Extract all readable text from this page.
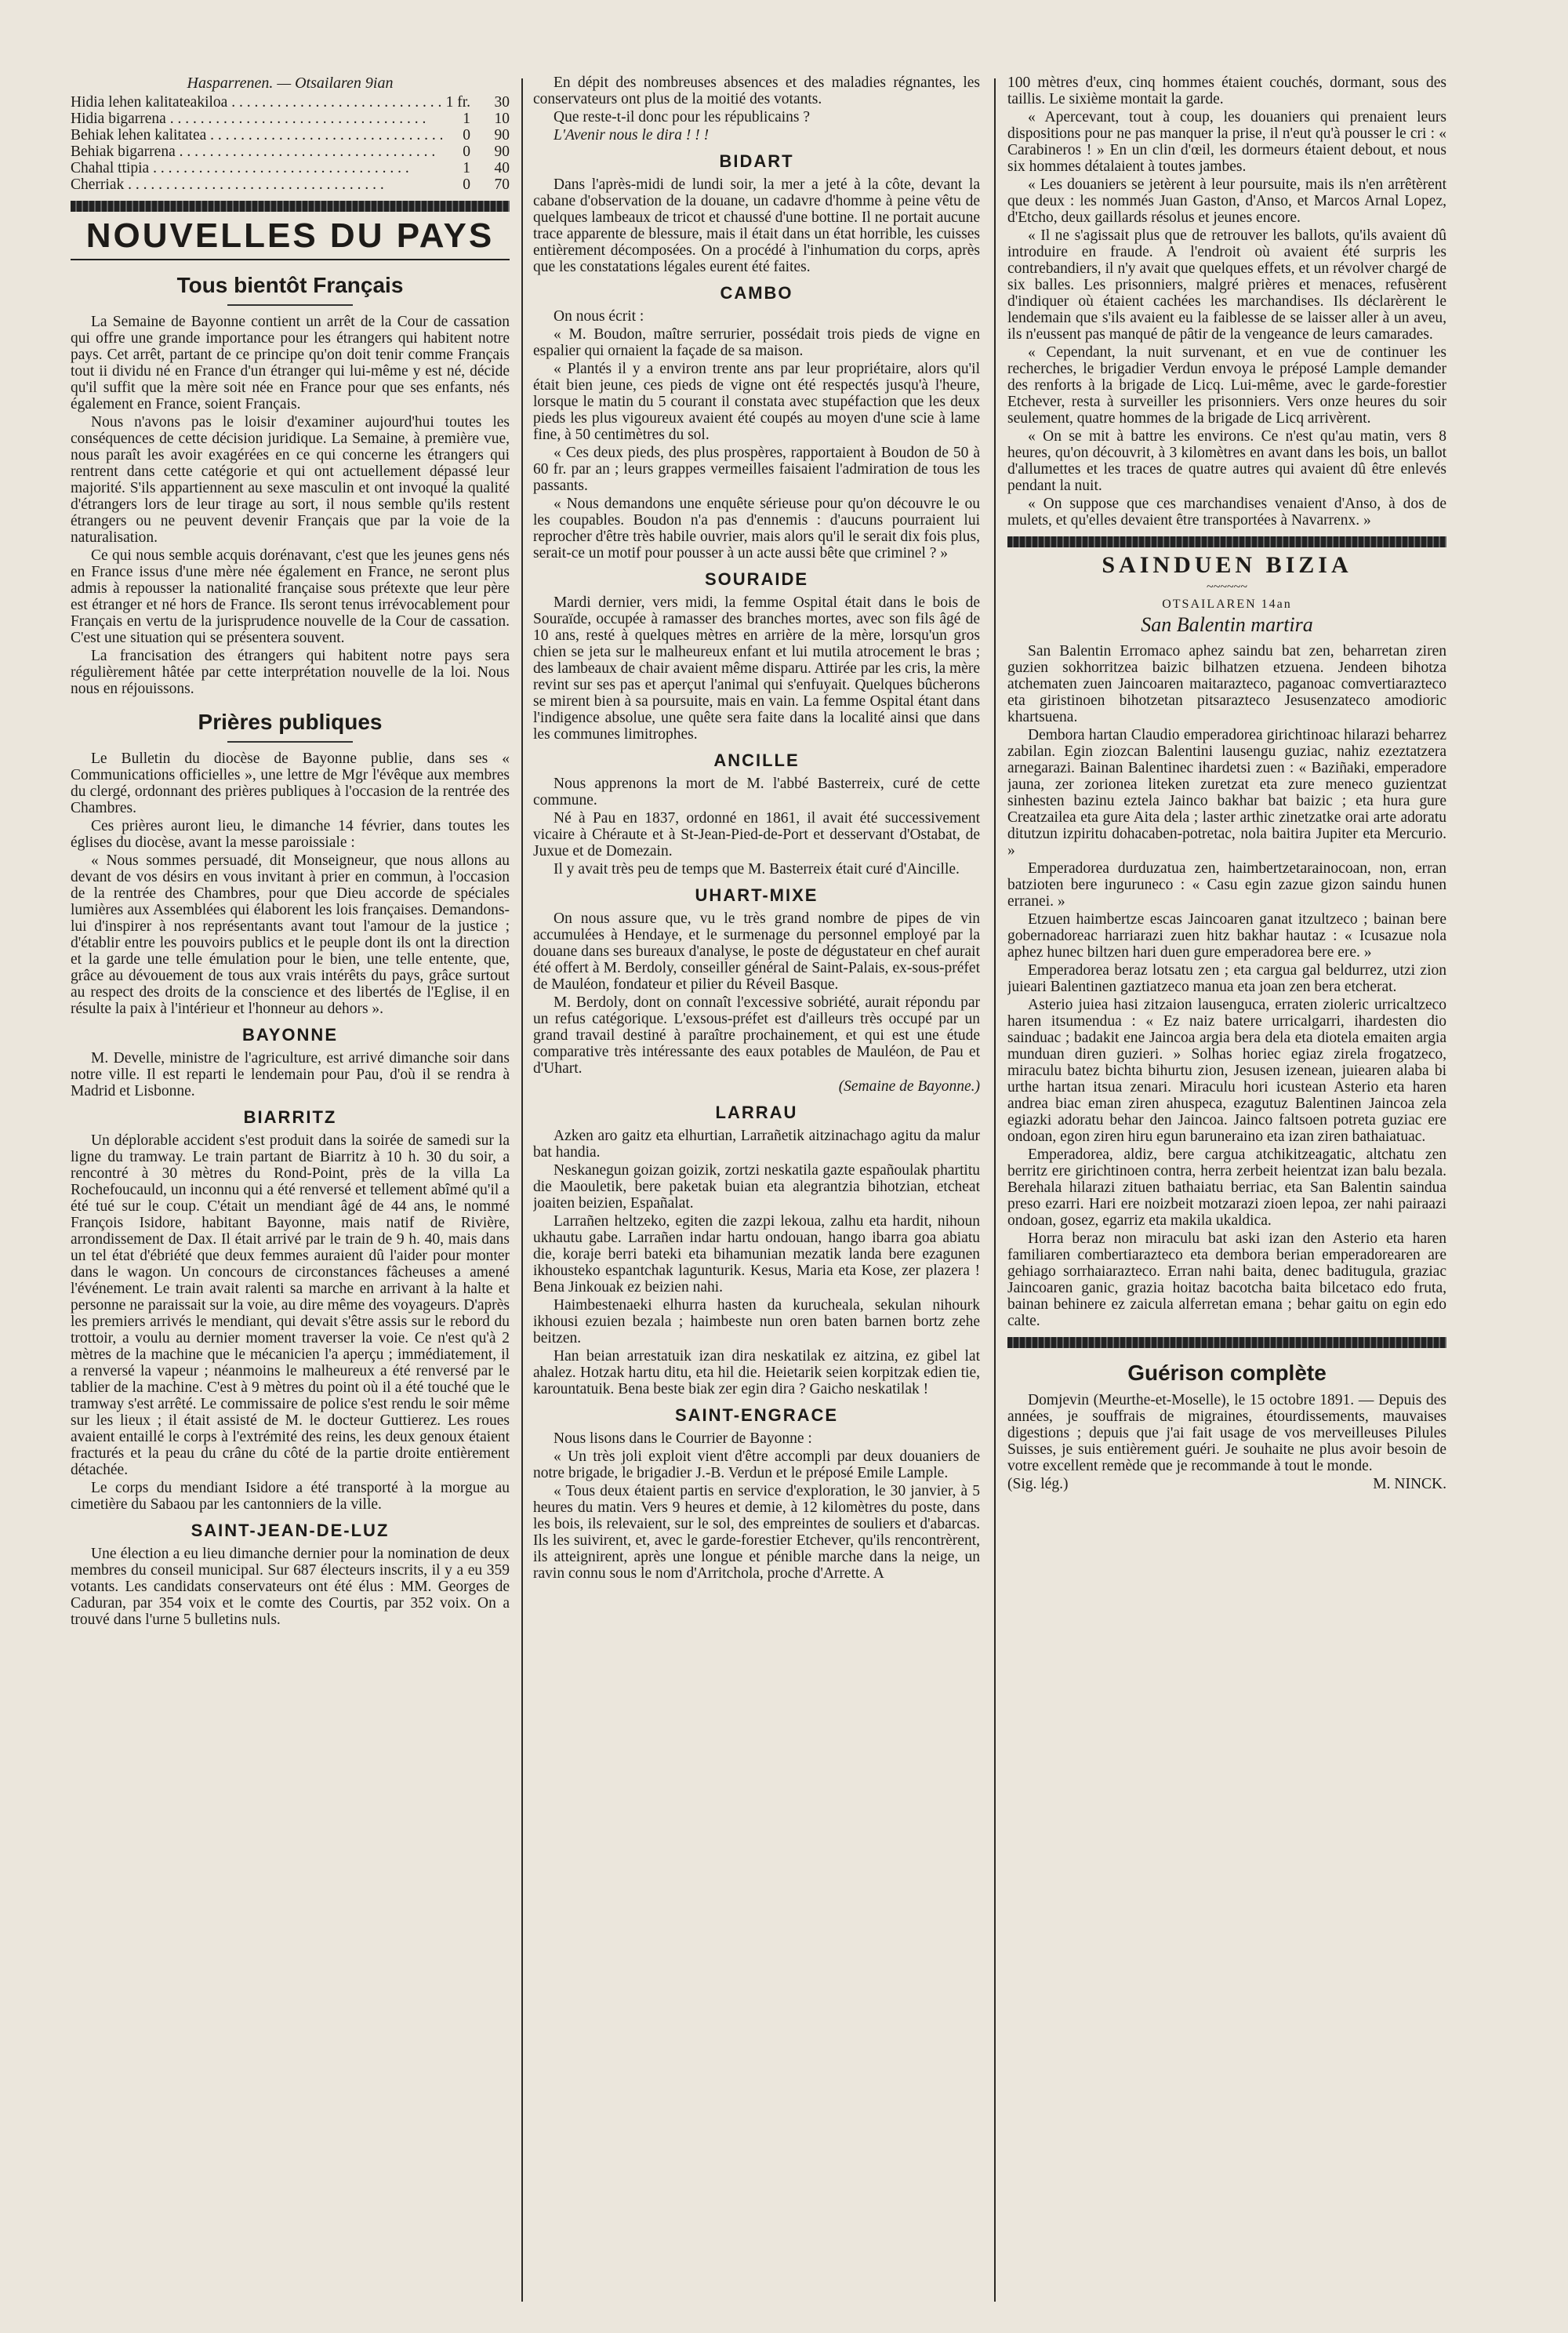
Hasparrenen. — Otsailaren 9ian
Hidia lehen kalitateakiloa . . .	1 fr.	30
Hidia bigarrena . . .	1	10
Behiak lehen kalitatea . . .	0	90
Behiak bigarrena . . .	0	90
Chahal ttipia . . .	1	40
Cherriak . . .	0	70
NOUVELLES DU PAYS
Tous bientôt Français

La Semaine de Bayonne contient un arrêt de la Cour de cassation qui offre une grande importance pour les étrangers qui habitent notre pays. Cet arrêt, partant de ce principe qu'on doit tenir comme Français tout ii dividu né en France d'un étranger qui lui-même y est né, décide qu'il suffit que la mère soit née en France pour que ses enfants, nés également en France, soient Français.

Nous n'avons pas le loisir d'examiner aujourd'hui toutes les conséquences de cette décision juridique. La Semaine, à première vue, nous paraît les avoir exagérées en ce qui concerne les étrangers qui rentrent dans cette catégorie et qui ont actuellement dépassé leur majorité. S'ils appartiennent au sexe masculin et ont invoqué la qualité d'étrangers lors de leur tirage au sort, il nous semble qu'ils restent étrangers ou ne peuvent devenir Français que par la voie de la naturalisation.

Ce qui nous semble acquis dorénavant, c'est que les jeunes gens nés en France issus d'une mère née également en France, ne seront plus admis à repousser la nationalité française sous prétexte que leur père est étranger et né hors de France. Ils seront tenus irrévocablement pour Français en vertu de la jurisprudence nouvelle de la Cour de cassation. C'est une situation qui se présentera souvent.

La francisation des étrangers qui habitent notre pays sera régulièrement hâtée par cette interprétation nouvelle de la loi. Nous nous en réjouissons.

Prières publiques

Le Bulletin du diocèse de Bayonne publie, dans ses « Communications officielles », une lettre de Mgr l'évêque aux membres du clergé, ordonnant des prières publiques à l'occasion de la rentrée des Chambres.

Ces prières auront lieu, le dimanche 14 février, dans toutes les églises du diocèse, avant la messe paroissiale :

« Nous sommes persuadé, dit Monseigneur, que nous allons au devant de vos désirs en vous invitant à prier en commun, à l'occasion de la rentrée des Chambres, pour que Dieu accorde de spéciales lumières aux Assemblées qui élaborent les lois françaises. Demandons-lui d'inspirer à nos représentants avant tout l'amour de la justice ; d'établir entre les pouvoirs publics et le peuple dont ils ont la direction et la garde une telle émulation pour le bien, une telle entente, que, grâce au dévouement de tous aux vrais intérêts du pays, grâce surtout au respect des droits de la conscience et des libertés de l'Eglise, il en résulte la paix à l'intérieur et l'honneur au dehors ».

BAYONNE

M. Develle, ministre de l'agriculture, est arrivé dimanche soir dans notre ville. Il est reparti le lendemain pour Pau, d'où il se rendra à Madrid et Lisbonne.

BIARRITZ

Un déplorable accident s'est produit dans la soirée de samedi sur la ligne du tramway. Le train partant de Biarritz à 10 h. 30 du soir, a rencontré à 30 mètres du Rond-Point, près de la villa La Rochefoucauld, un inconnu qui a été renversé et tellement abîmé qu'il a été tué sur le coup. C'était un mendiant âgé de 44 ans, le nommé François Isidore, habitant Bayonne, mais natif de Rivière, arrondissement de Dax. Il était arrivé par le train de 9 h. 40, mais dans un tel état d'ébriété que deux femmes auraient dû l'aider pour monter dans le wagon. Un concours de circonstances fâcheuses a amené l'événement. Le train avait ralenti sa marche en arrivant à la halte et personne ne paraissait sur la voie, au dire même des voyageurs. D'après les premiers arrivés le mendiant, qui devait s'être assis sur le rebord du trottoir, a voulu au dernier moment traverser la voie. Ce n'est qu'à 2 mètres de la machine que le mécanicien l'a aperçu ; immédiatement, il a renversé la vapeur ; néanmoins le malheureux a été renversé par le tablier de la machine. C'est à 9 mètres du point où il a été touché que le tramway s'est arrêté. Le commissaire de police s'est rendu le soir même sur les lieux ; il était assisté de M. le docteur Guttierez. Les roues avaient entaillé le corps à l'extrémité des reins, les deux genoux étaient fracturés et la peau du crâne du côté de la partie droite entièrement détachée.

Le corps du mendiant Isidore a été transporté à la morgue au cimetière du Sabaou par les cantonniers de la ville.

SAINT-JEAN-DE-LUZ

Une élection a eu lieu dimanche dernier pour la nomination de deux membres du conseil municipal. Sur 687 électeurs inscrits, il y a eu 359 votants. Les candidats conservateurs ont été élus : MM. Georges de Caduran, par 354 voix et le comte des Courtis, par 352 voix. On a trouvé dans l'urne 5 bulletins nuls.

En dépit des nombreuses absences et des maladies régnantes, les conservateurs ont plus de la moitié des votants.

Que reste-t-il donc pour les républicains ?

L'Avenir nous le dira ! ! !

BIDART

Dans l'après-midi de lundi soir, la mer a jeté à la côte, devant la cabane d'observation de la douane, un cadavre d'homme à peine vêtu de quelques lambeaux de tricot et chaussé d'une bottine. Il ne portait aucune trace apparente de blessure, mais il était dans un état horrible, les cuisses entièrement décomposées. On a procédé à l'inhumation du corps, après que les constatations légales eurent été faites.

CAMBO

On nous écrit :

« M. Boudon, maître serrurier, possédait trois pieds de vigne en espalier qui ornaient la façade de sa maison.

« Plantés il y a environ trente ans par leur propriétaire, alors qu'il était bien jeune, ces pieds de vigne ont été respectés jusqu'à l'heure, lorsque le matin du 5 courant il constata avec stupéfaction que les deux pieds les plus vigoureux avaient été coupés au moyen d'une scie à lame fine, à 50 centimètres du sol.

« Ces deux pieds, des plus prospères, rapportaient à Boudon de 50 à 60 fr. par an ; leurs grappes vermeilles faisaient l'admiration de tous les passants.

« Nous demandons une enquête sérieuse pour qu'on découvre le ou les coupables. Boudon n'a pas d'ennemis : d'aucuns pourraient lui reprocher d'être très habile ouvrier, mais alors qu'il le serait dix fois plus, serait-ce un motif pour pousser à un acte aussi bête que criminel ? »

SOURAIDE

Mardi dernier, vers midi, la femme Ospital était dans le bois de Souraïde, occupée à ramasser des branches mortes, avec son fils âgé de 10 ans, resté à quelques mètres en arrière de la mère, lorsqu'un gros chien se jeta sur le malheureux enfant et lui mutila atrocement le bras ; des lambeaux de chair avaient même disparu. Attirée par les cris, la mère revint sur ses pas et aperçut l'animal qui s'enfuyait. Quelques bûcherons se mirent bien à sa poursuite, mais en vain. La femme Ospital étant dans l'indigence absolue, une quête sera faite dans la localité ainsi que dans les communes limitrophes.

ANCILLE

Nous apprenons la mort de M. l'abbé Basterreix, curé de cette commune.

Né à Pau en 1837, ordonné en 1861, il avait été successivement vicaire à Chéraute et à St-Jean-Pied-de-Port et desservant d'Ostabat, de Juxue et de Domezain.

Il y avait très peu de temps que M. Basterreix était curé d'Aincille.

UHART-MIXE

On nous assure que, vu le très grand nombre de pipes de vin accumulées à Hendaye, et le surmenage du personnel employé par la douane dans ses bureaux d'analyse, le poste de dégustateur en chef aurait été offert à M. Berdoly, conseiller général de Saint-Palais, ex-sous-préfet de Mauléon, fondateur et pilier du Réveil Basque.

M. Berdoly, dont on connaît l'excessive sobriété, aurait répondu par un refus catégorique. L'exsous-préfet est d'ailleurs très occupé par un grand travail destiné à paraître prochainement, et qui est une étude comparative très intéressante des eaux potables de Mauléon, de Pau et d'Uhart.

(Semaine de Bayonne.)

LARRAU

Azken aro gaitz eta elhurtian, Larrañetik aitzinachago agitu da malur bat handia.

Neskanegun goizan goizik, zortzi neskatila gazte españoulak phartitu die Maouletik, bere paketak buian eta alegrantzia bihotzian, etcheat joaiten beizien, Españalat.

Larrañen heltzeko, egiten die zazpi lekoua, zalhu eta hardit, nihoun ukhautu gabe. Larrañen indar hartu ondouan, hango ibarra goa abiatu die, koraje berri bateki eta bihamunian mezatik landa bere ezagunen ikhousteko espantchak lagunturik. Kesus, Maria eta Kose, zer plazera ! Bena Jinkouak ez beizien nahi.

Haimbestenaeki elhurra hasten da kurucheala, sekulan nihourk ikhousi ezuien bezala ; haimbeste nun oren baten barnen bortz zehe beitzen.

Han beian arrestatuik izan dira neskatilak ez aitzina, ez gibel lat ahalez. Hotzak hartu ditu, eta hil die. Heietarik seien korpitzak edien tie, karountatuik. Bena beste biak zer egin dira ? Gaicho neskatilak !

SAINT-ENGRACE

Nous lisons dans le Courrier de Bayonne :

« Un très joli exploit vient d'être accompli par deux douaniers de notre brigade, le brigadier J.-B. Verdun et le préposé Emile Lample.

« Tous deux étaient partis en service d'exploration, le 30 janvier, à 5 heures du matin. Vers 9 heures et demie, à 12 kilomètres du poste, dans les bois, ils relevaient, sur le sol, des empreintes de souliers et d'abarcas. Ils les suivirent, et, avec le garde-forestier Etchever, qu'ils rencontrèrent, ils atteignirent, après une longue et pénible marche dans la neige, un ravin connu sous le nom d'Arritchola, proche d'Arrette. A

100 mètres d'eux, cinq hommes étaient couchés, dormant, sous des taillis. Le sixième montait la garde.

« Apercevant, tout à coup, les douaniers qui prenaient leurs dispositions pour ne pas manquer la prise, il n'eut qu'à pousser le cri : « Carabineros ! » En un clin d'œil, les dormeurs étaient debout, et nous six hommes détalaient à toutes jambes.

« Les douaniers se jetèrent à leur poursuite, mais ils n'en arrêtèrent que deux : les nommés Juan Gaston, d'Anso, et Marcos Arnal Lopez, d'Etcho, deux gaillards résolus et jeunes encore.

« Il ne s'agissait plus que de retrouver les ballots, qu'ils avaient dû introduire en fraude. A l'endroit où avaient été surpris les contrebandiers, il n'y avait que quelques effets, et un révolver chargé de six balles. Les prisonniers, malgré prières et menaces, refusèrent d'indiquer où étaient cachées les marchandises. Ils déclarèrent le lendemain que s'ils avaient eu la faiblesse de se laisser aller à un aveu, ils n'eussent pas manqué de pâtir de la vengeance de leurs camarades.

« Cependant, la nuit survenant, et en vue de continuer les recherches, le brigadier Verdun envoya le préposé Lample demander des renforts à la brigade de Licq. Lui-même, avec le garde-forestier Etchever, resta à surveiller les prisonniers. Vers onze heures du soir seulement, quatre hommes de la brigade de Licq arrivèrent.

« On se mit à battre les environs. Ce n'est qu'au matin, vers 8 heures, qu'on découvrit, à 3 kilomètres en avant dans les bois, un ballot d'allumettes et les traces de quatre autres qui avaient dû être enlevés pendant la nuit.

« On suppose que ces marchandises venaient d'Anso, à dos de mulets, et qu'elles devaient être transportées à Navarrenx. »

SAINDUEN BIZIA
~~~~~~
OTSAILAREN 14an
San Balentin martira

San Balentin Erromaco aphez saindu bat zen, beharretan ziren guzien sokhorritzea baizic bilhatzen etzuena. Jendeen bihotza atchematen zuen Jaincoaren maitarazteco, paganoac comvertiarazteco eta giristinoen bihotzetan pitsarazteco Jesusenzateco amodioric khartsuena.

Dembora hartan Claudio emperadorea girichtinoac hilarazi beharrez zabilan. Egin ziozcan Balentini lausengu guziac, nahiz ezeztatzera arnegarazi. Bainan Balentinec ihardetsi zuen : « Baziñaki, emperadore jauna, zer zorionea liteken zuretzat eta zure meneco guzientzat sinhesten bazinu eztela Jainco bakhar bat baizic ; eta hura gure Creatzailea eta gure Aita dela ; laster arthic zinetzatke orai arte adoratu ditutzun izpiritu dohacaben-potretac, nola baitira Jupiter eta Mercurio. »

Emperadorea durduzatua zen, haimbertzetarainocoan, non, erran batzioten bere inguruneco : « Casu egin zazue gizon saindu hunen erranei. »

Etzuen haimbertze escas Jaincoaren ganat itzultzeco ; bainan bere gobernadoreac harriarazi zuen hitz bakhar hautaz : « Icusazue nola aphez hunec biltzen hari duen gure emperadorea bere ere. »

Emperadorea beraz lotsatu zen ; eta cargua gal beldurrez, utzi zion juieari Balentinen gaztiatzeco manua eta joan zen bera etcherat.

Asterio juiea hasi zitzaion lausenguca, erraten zioleric urricaltzeco haren itsumendua : « Ez naiz batere urricalgarri, ihardesten dio sainduac ; badakit ene Jaincoa argia bera dela eta diotela emaiten argia munduan diren guzieri. » Solhas horiec egiaz zirela frogatzeco, miraculu batez bichta bihurtu zion, Jesusen izenean, juiearen alaba bi urthe hartan itsua zenari. Miraculu hori icustean Asterio eta haren andrea biac eman ziren ahuspeca, ezagutuz Balentinen Jaincoa zela egiazki adoratu behar den Jaincoa. Jainco faltsoen potreta guziac ere ondoan, egon ziren hiru egun baruneraino eta izan ziren bathaiatuac.

Emperadorea, aldiz, bere cargua atchikitzeagatic, altchatu zen berritz ere girichtinoen contra, herra zerbeit heientzat izan balu bezala. Berehala hilarazi zituen bathaiatu berriac, eta San Balentin saindua preso ezarri. Hari ere noizbeit motzarazi zioen lepoa, zer nahi pairaazi ondoan, gosez, egarriz eta makila ukaldica.

Horra beraz non miraculu bat aski izan den Asterio eta haren familiaren combertiarazteco eta dembora berian emperadorearen are gehiago sorrhaiarazteco. Erran nahi baita, denec baditugula, graziac Jaincoaren ganic, grazia hoitaz bacotcha baita bilcetaco edo fruta, bainan behinere ez zaicula alferretan emana ; behar gaitu on egin edo calte.

Guérison complète

Domjevin (Meurthe-et-Moselle), le 15 octobre 1891. — Depuis des années, je souffrais de migraines, étourdissements, mauvaises digestions ; depuis que j'ai fait usage de vos merveilleuses Pilules Suisses, je suis entièrement guéri. Je souhaite ne plus avoir besoin de votre excellent remède que je recommande à tout le monde.

(Sig. lég.)	M. NINCK.
